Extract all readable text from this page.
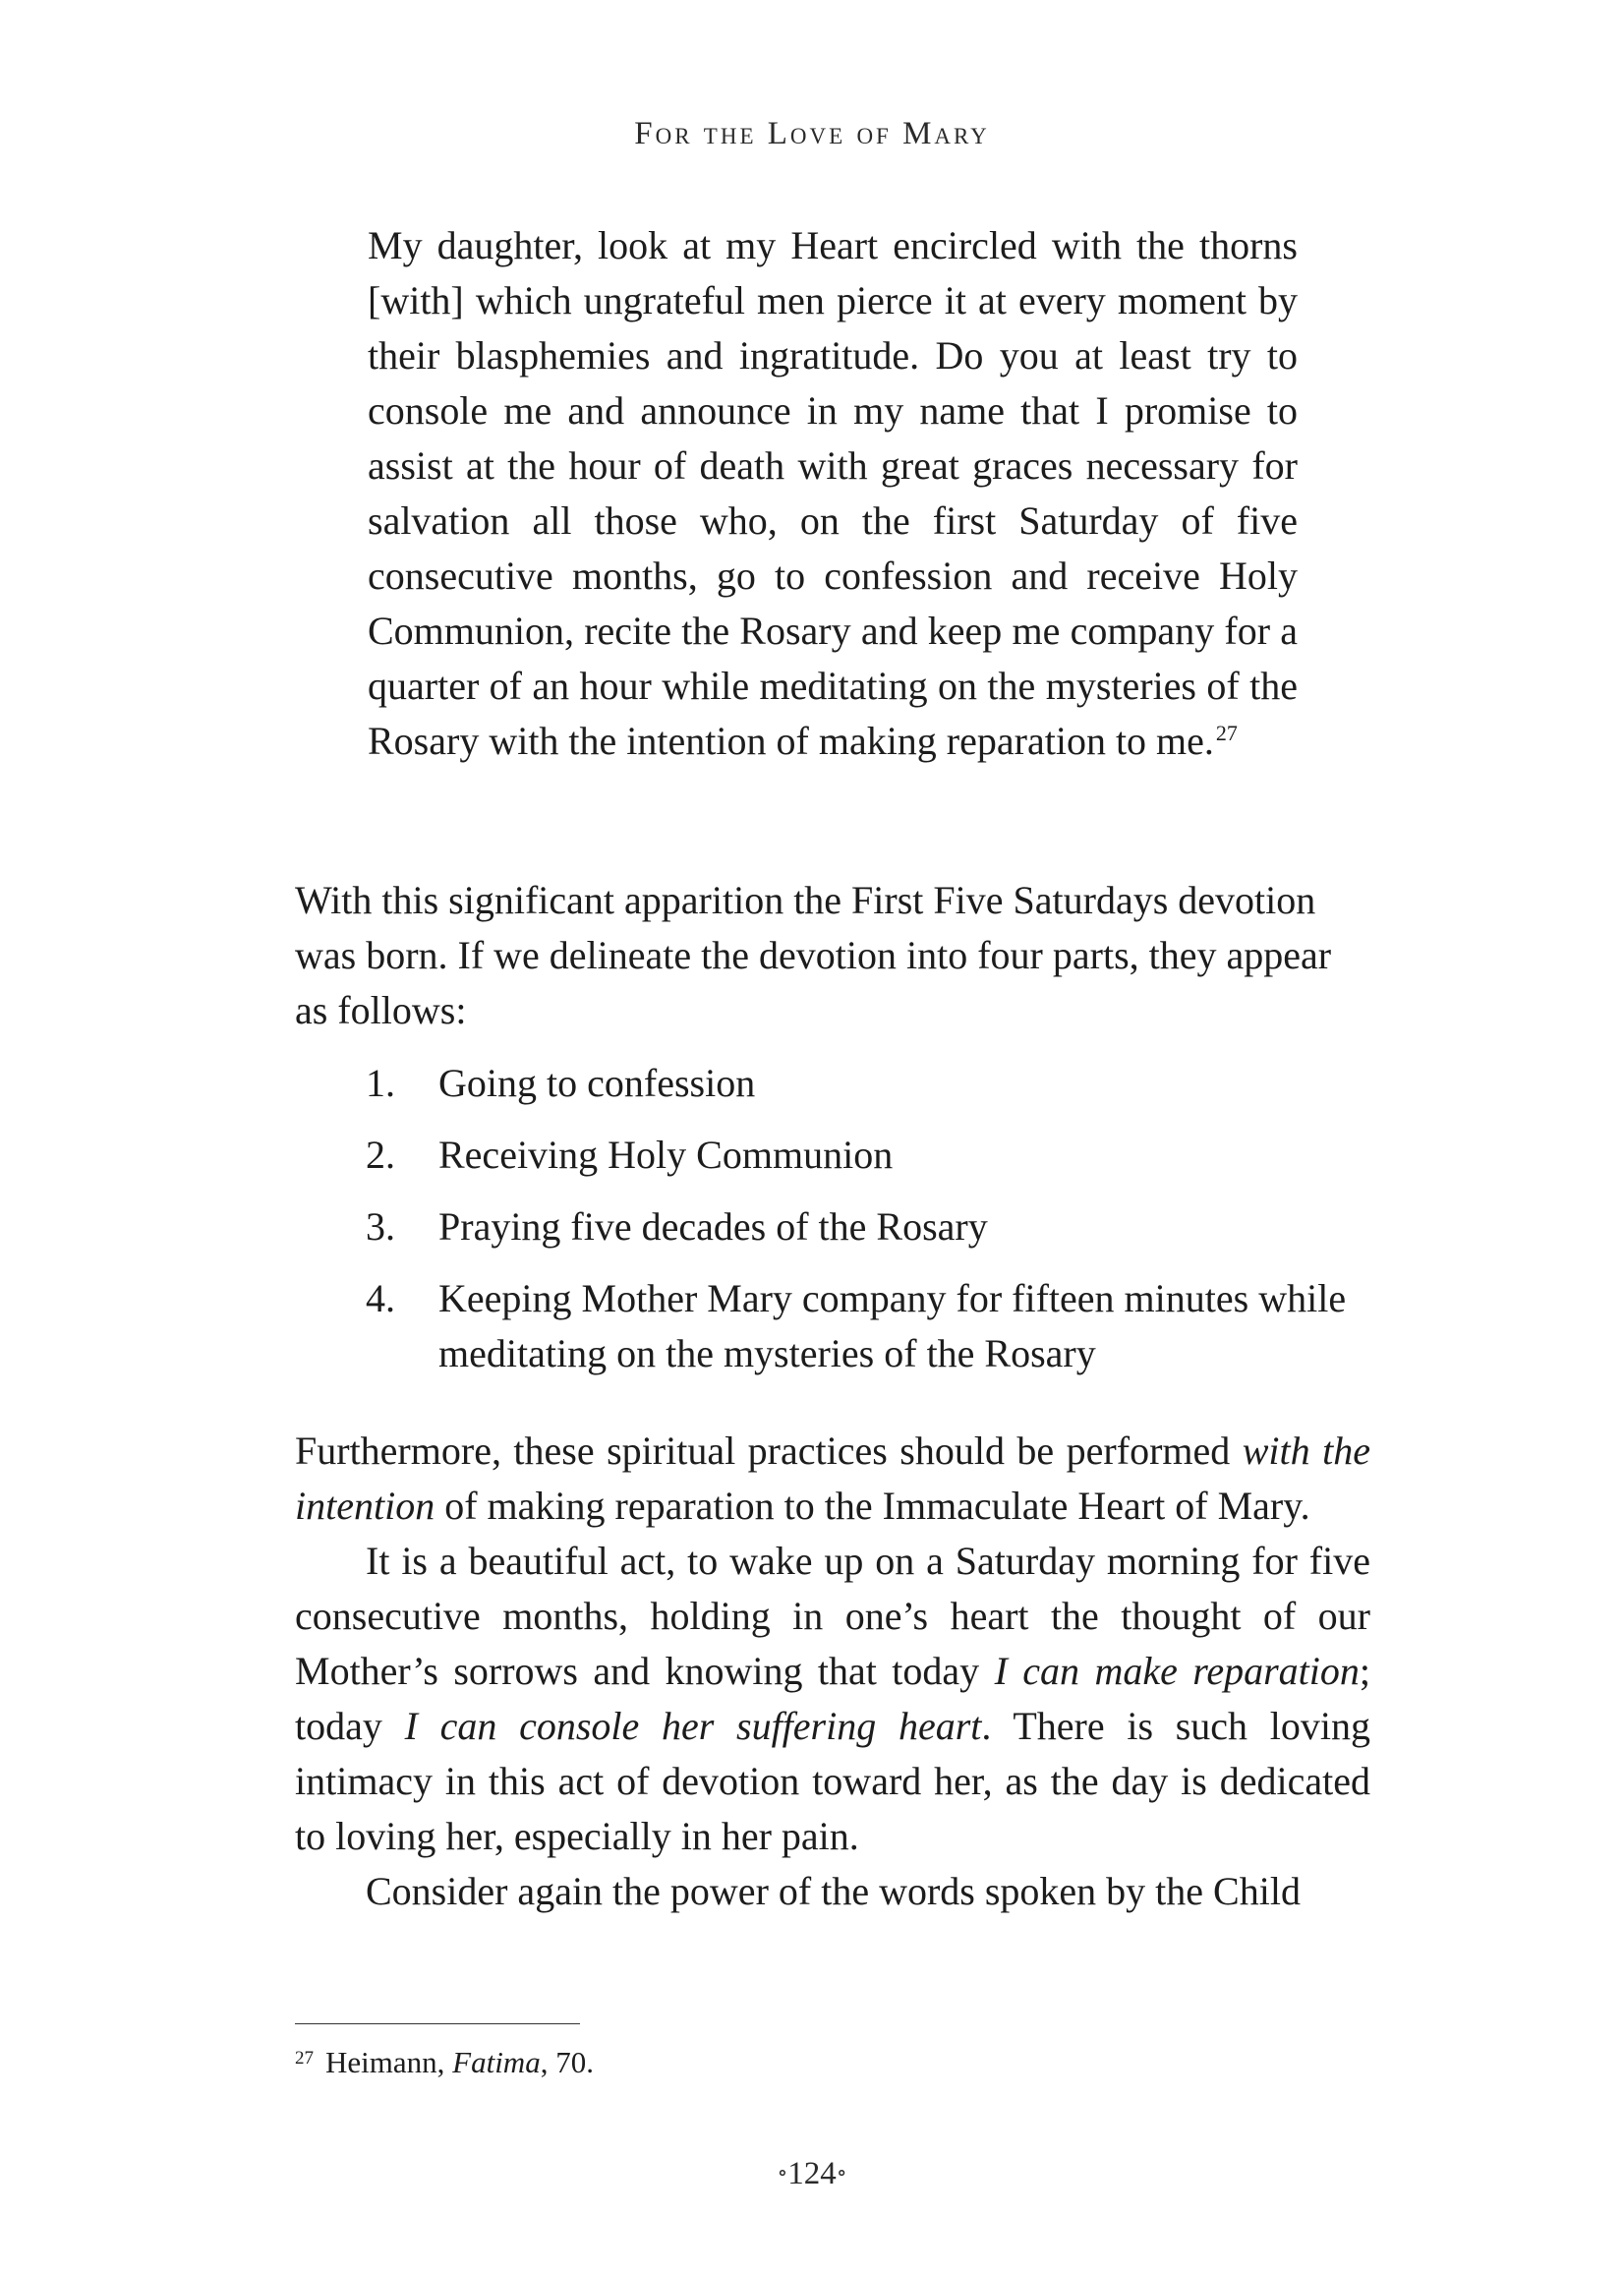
For the Love of Mary

My daughter, look at my Heart encircled with the thorns [with] which ungrateful men pierce it at every moment by their blasphemies and ingratitude. Do you at least try to console me and announce in my name that I promise to assist at the hour of death with great graces necessary for salvation all those who, on the first Saturday of five consecutive months, go to confession and receive Holy Communion, recite the Rosary and keep me company for a quarter of an hour while meditating on the mysteries of the Rosary with the intention of making reparation to me.$^{27}$

With this significant apparition the First Five Saturdays devotion was born. If we delineate the devotion into four parts, they appear as follows:

1. Going to confession
2. Receiving Holy Communion
3. Praying five decades of the Rosary
4. Keeping Mother Mary company for fifteen minutes while meditating on the mysteries of the Rosary

Furthermore, these spiritual practices should be performed with the intention of making reparation to the Immaculate Heart of Mary.

It is a beautiful act, to wake up on a Saturday morning for five consecutive months, holding in one’s heart the thought of our Mother’s sorrows and knowing that today I can make reparation; today I can console her suffering heart. There is such loving intimacy in this act of devotion toward her, as the day is dedicated to loving her, especially in her pain.

Consider again the power of the words spoken by the Child

$^{27}$ Heimann, Fatima, 70.
∘124∘
